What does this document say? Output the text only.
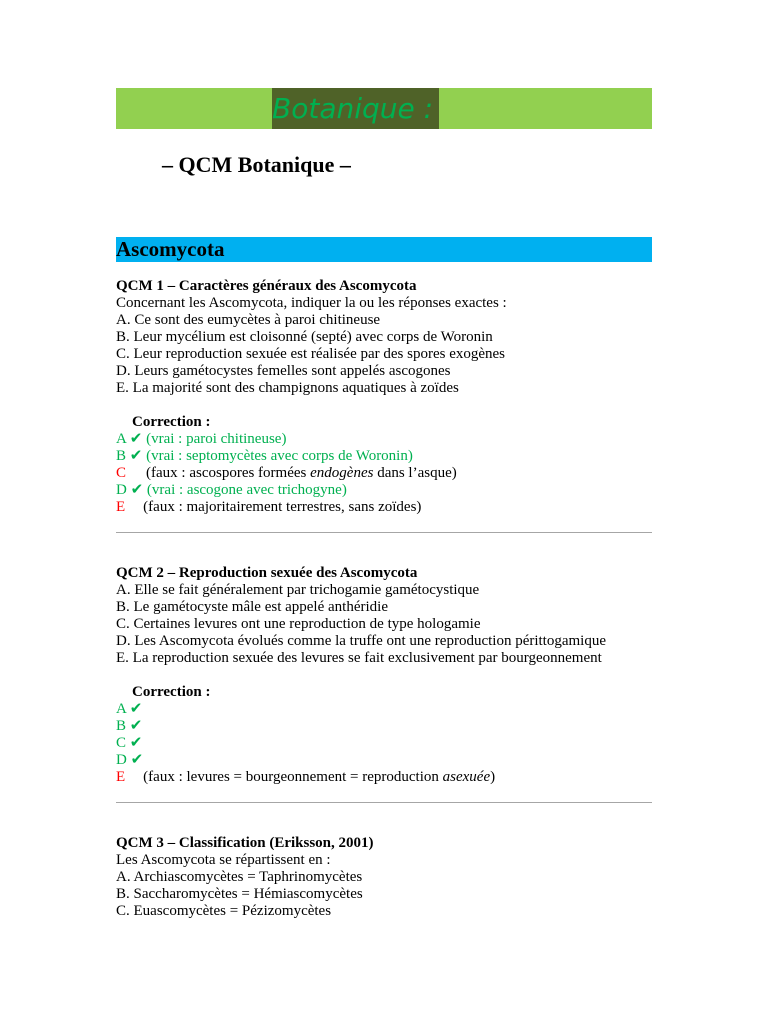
Botanique :
– QCM Botanique –
Ascomycota
QCM 1 – Caractères généraux des Ascomycota
Concernant les Ascomycota, indiquer la ou les réponses exactes :
A. Ce sont des eumycètes à paroi chitineuse
B. Leur mycélium est cloisonné (septé) avec corps de Woronin
C. Leur reproduction sexuée est réalisée par des spores exogènes
D. Leurs gamétocystes femelles sont appelés ascogones
E. La majorité sont des champignons aquatiques à zoïdes
Correction :
A ✔ (vrai : paroi chitineuse)
B ✔ (vrai : septomycètes avec corps de Woronin)
C (faux : ascospores formées endogènes dans l’asque)
D ✔ (vrai : ascogone avec trichogyne)
E (faux : majoritairement terrestres, sans zoïdes)
QCM 2 – Reproduction sexuée des Ascomycota
A. Elle se fait généralement par trichogamie gamétocystique
B. Le gamétocyste mâle est appelé anthéridie
C. Certaines levures ont une reproduction de type hologamie
D. Les Ascomycota évolués comme la truffe ont une reproduction périttogamique
E. La reproduction sexuée des levures se fait exclusivement par bourgeonnement
Correction :
A ✔
B ✔
C ✔
D ✔
E (faux : levures = bourgeonnement = reproduction asexuée)
QCM 3 – Classification (Eriksson, 2001)
Les Ascomycota se répartissent en :
A. Archiascomycètes = Taphrinomycètes
B. Saccharomycètes = Hémiascomycètes
C. Euascomycètes = Pézizomycètes
